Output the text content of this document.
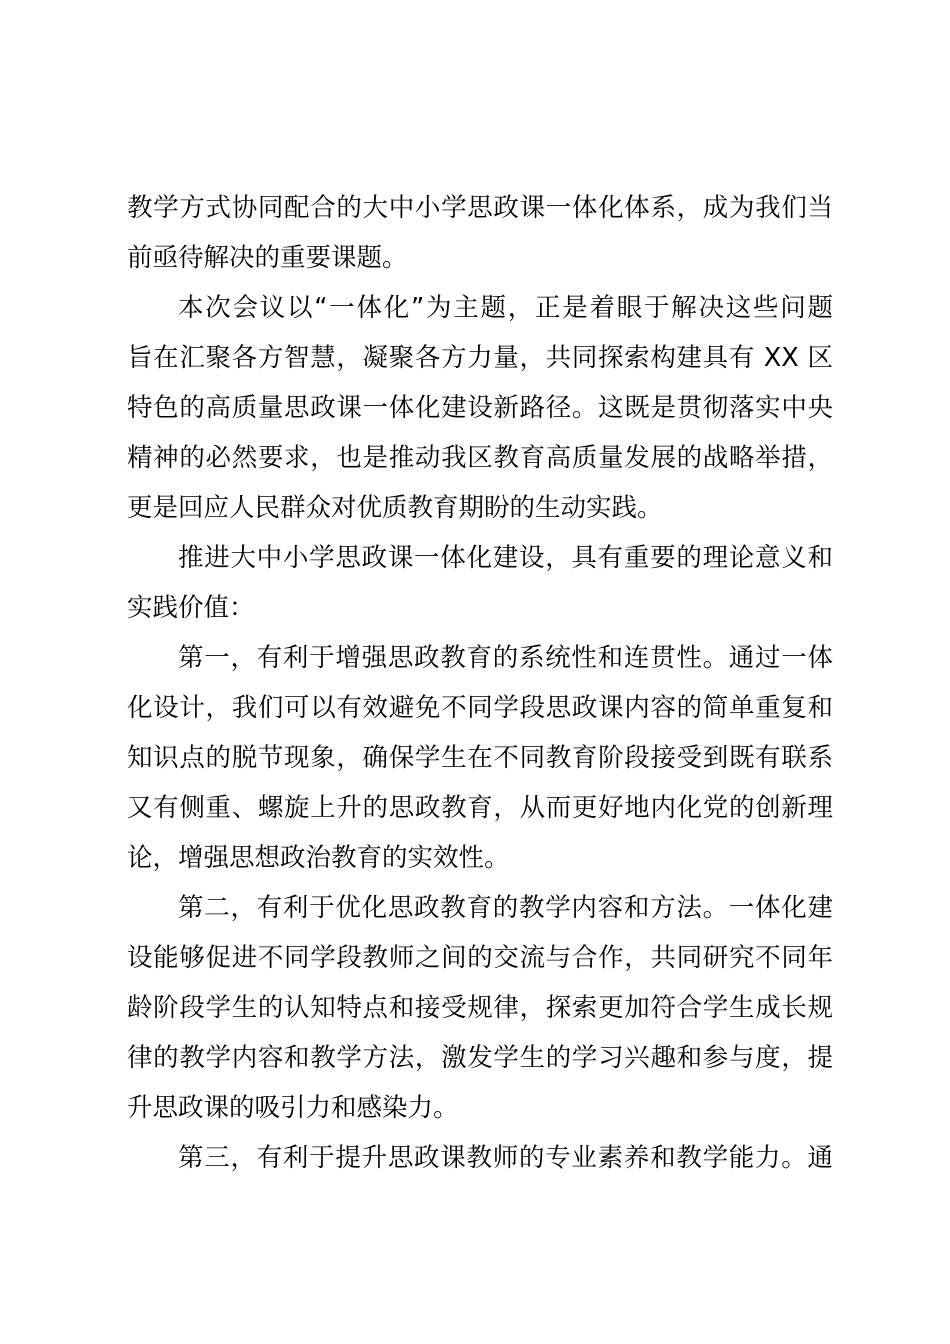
教学方式协同配合的大中小学思政课一体化体系，成为我们当
前亟待解决的重要课题。
本次会议以“一体化”为主题，正是着眼于解决这些问题
旨在汇聚各方智慧，凝聚各方力量，共同探索构建具有 XX 区
特色的高质量思政课一体化建设新路径。这既是贯彻落实中央
精神的必然要求，也是推动我区教育高质量发展的战略举措，
更是回应人民群众对优质教育期盼的生动实践。
推进大中小学思政课一体化建设，具有重要的理论意义和
实践价值：
第一，有利于增强思政教育的系统性和连贯性。通过一体
化设计，我们可以有效避免不同学段思政课内容的简单重复和
知识点的脱节现象，确保学生在不同教育阶段接受到既有联系
又有侧重、螺旋上升的思政教育，从而更好地内化党的创新理
论，增强思想政治教育的实效性。
第二，有利于优化思政教育的教学内容和方法。一体化建
设能够促进不同学段教师之间的交流与合作，共同研究不同年
龄阶段学生的认知特点和接受规律，探索更加符合学生成长规
律的教学内容和教学方法，激发学生的学习兴趣和参与度，提
升思政课的吸引力和感染力。
第三，有利于提升思政课教师的专业素养和教学能力。通
